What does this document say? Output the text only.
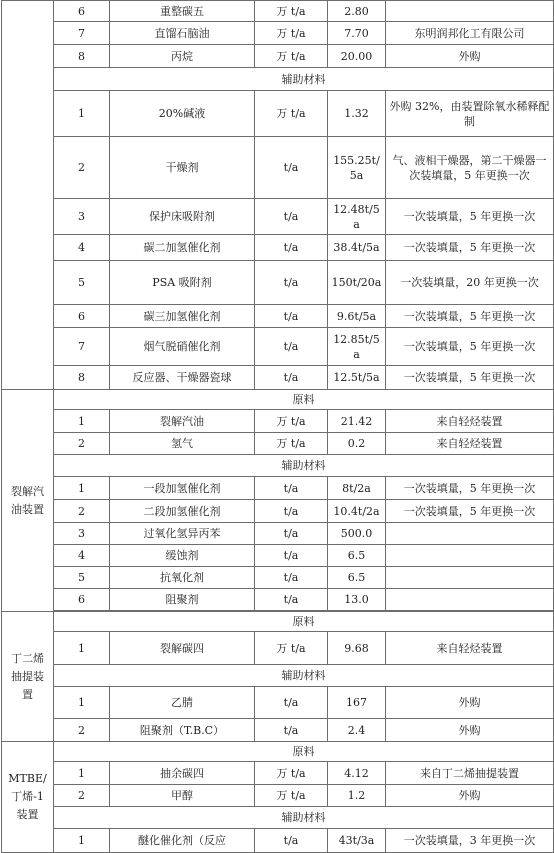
	6	重整碳五	万 t/a	2.80	
	7	直馏石脑油	万 t/a	7.70	东明润邦化工有限公司
	8	丙烷	万 t/a	20.00	外购
	辅助材料				
	1	20%碱液	万 t/a	1.32	外购 32%，由装置除氧水稀释配制
	2	干燥剂	t/a	155.25t/5a	气、液相干燥器，第二干燥器一次装填量，5 年更换一次
	3	保护床吸附剂	t/a	12.48t/5a	一次装填量，5 年更换一次
	4	碳二加氢催化剂	t/a	38.4t/5a	一次装填量，5 年更换一次
	5	PSA 吸附剂	t/a	150t/20a	一次装填量，20 年更换一次
	6	碳三加氢催化剂	t/a	9.6t/5a	一次装填量，5 年更换一次
	7	烟气脱硝催化剂	t/a	12.85t/5a	一次装填量，5 年更换一次
	8	反应器、干燥器瓷球	t/a	12.5t/5a	一次装填量，5 年更换一次
裂解汽
油装置	原料				
	1	裂解汽油	万 t/a	21.42	来自轻烃装置
	2	氢气	万 t/a	0.2	来自轻烃装置
	辅助材料				
	1	一段加氢催化剂	t/a	8t/2a	一次装填量，5 年更换一次
	2	二段加氢催化剂	t/a	10.4t/2a	一次装填量，5 年更换一次
	3	过氧化氢异丙苯	t/a	500.0	
	4	缓蚀剂	t/a	6.5	
	5	抗氧化剂	t/a	6.5	
	6	阻聚剂	t/a	13.0	

丁二烯
抽提装
置	原料				
	1	裂解碳四	万 t/a	9.68	来自轻烃装置
	辅助材料				
	1	乙腈	t/a	167	外购
	2	阻聚剂（T.B.C）	t/a	2.4	外购

MTBE/
丁烯-1
装置	原料				
	1	抽余碳四	万 t/a	4.12	来自丁二烯抽提装置
	2	甲醇	万 t/a	1.2	外购
	辅助材料				
	1	醚化催化剂（反应	t/a	43t/3a	一次装填量，3 年更换一次
